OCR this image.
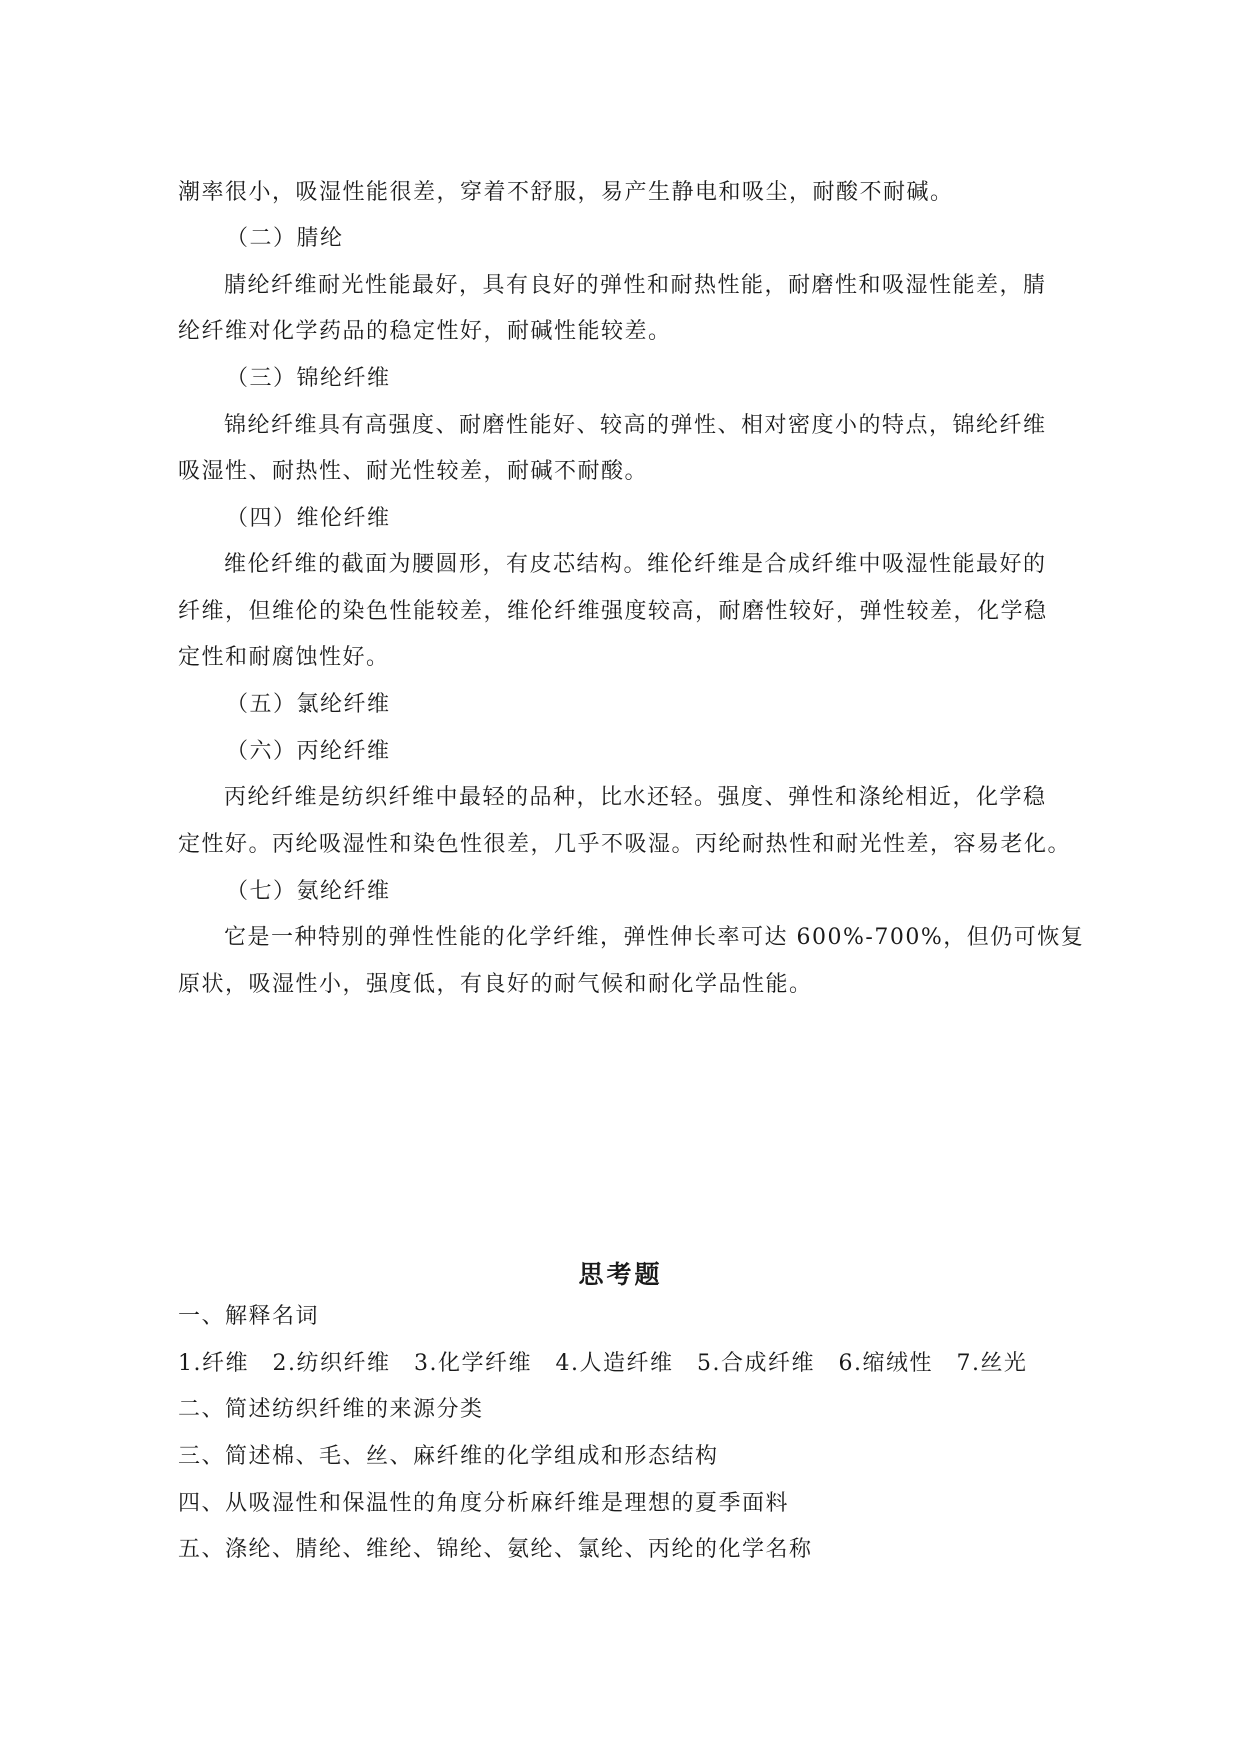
潮率很小，吸湿性能很差，穿着不舒服，易产生静电和吸尘，耐酸不耐碱。
（二）腈纶
腈纶纤维耐光性能最好，具有良好的弹性和耐热性能，耐磨性和吸湿性能差，腈
纶纤维对化学药品的稳定性好，耐碱性能较差。
（三）锦纶纤维
锦纶纤维具有高强度、耐磨性能好、较高的弹性、相对密度小的特点，锦纶纤维
吸湿性、耐热性、耐光性较差，耐碱不耐酸。
（四）维伦纤维
维伦纤维的截面为腰圆形，有皮芯结构。维伦纤维是合成纤维中吸湿性能最好的
纤维，但维伦的染色性能较差，维伦纤维强度较高，耐磨性较好，弹性较差，化学稳
定性和耐腐蚀性好。
（五）氯纶纤维
（六）丙纶纤维
丙纶纤维是纺织纤维中最轻的品种，比水还轻。强度、弹性和涤纶相近，化学稳
定性好。丙纶吸湿性和染色性很差，几乎不吸湿。丙纶耐热性和耐光性差，容易老化。
（七）氨纶纤维
它是一种特别的弹性性能的化学纤维，弹性伸长率可达 600%-700%，但仍可恢复
原状，吸湿性小，强度低，有良好的耐气候和耐化学品性能。
思考题
一、解释名词
1.纤维　2.纺织纤维　3.化学纤维　4.人造纤维　5.合成纤维　6.缩绒性　7.丝光
二、简述纺织纤维的来源分类
三、简述棉、毛、丝、麻纤维的化学组成和形态结构
四、从吸湿性和保温性的角度分析麻纤维是理想的夏季面料
五、涤纶、腈纶、维纶、锦纶、氨纶、氯纶、丙纶的化学名称
